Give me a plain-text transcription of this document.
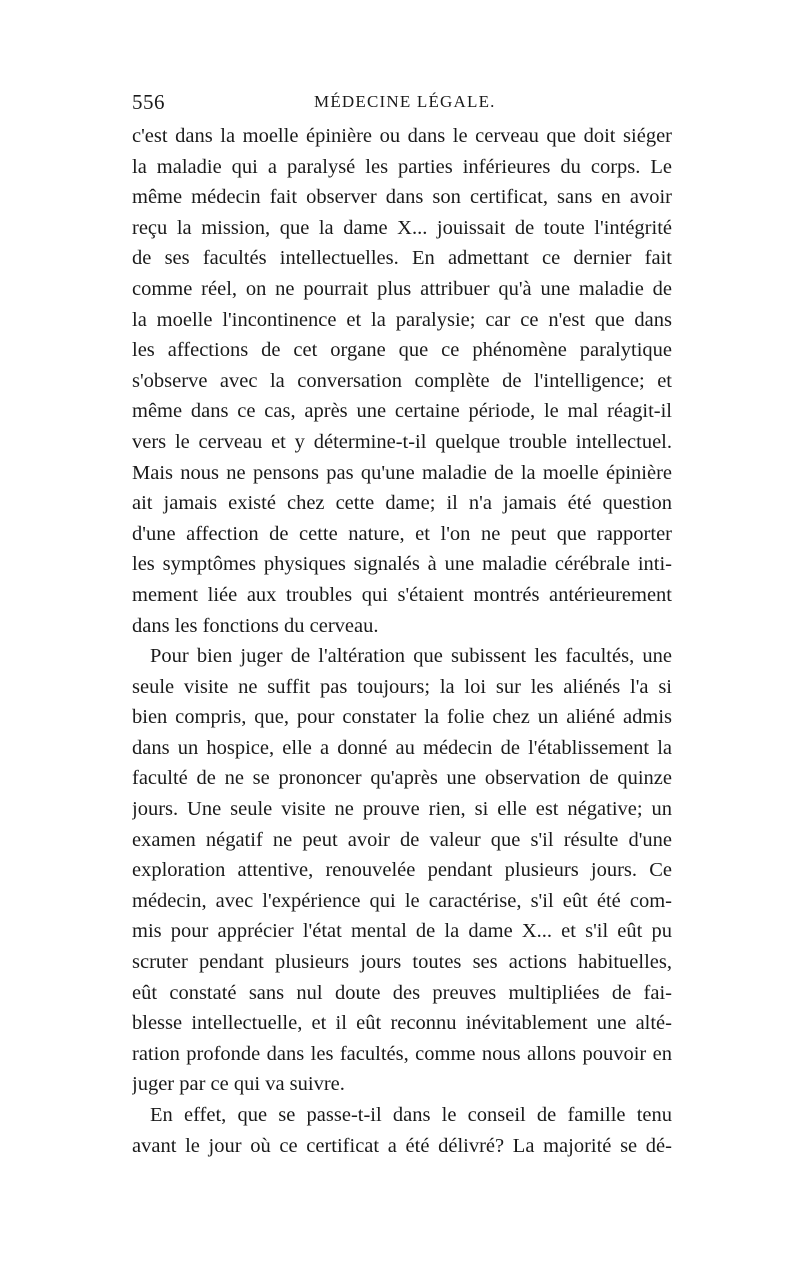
556	MÉDECINE LÉGALE.
c'est dans la moelle épinière ou dans le cerveau que doit siéger
la maladie qui a paralysé les parties inférieures du corps. Le
même médecin fait observer dans son certificat, sans en avoir
reçu la mission, que la dame X... jouissait de toute l'intégrité
de ses facultés intellectuelles. En admettant ce dernier fait
comme réel, on ne pourrait plus attribuer qu'à une maladie de
la moelle l'incontinence et la paralysie; car ce n'est que dans
les affections de cet organe que ce phénomène paralytique
s'observe avec la conversation complète de l'intelligence; et
même dans ce cas, après une certaine période, le mal réagit-il
vers le cerveau et y détermine-t-il quelque trouble intellectuel.
Mais nous ne pensons pas qu'une maladie de la moelle épinière
ait jamais existé chez cette dame; il n'a jamais été question
d'une affection de cette nature, et l'on ne peut que rapporter
les symptômes physiques signalés à une maladie cérébrale inti-
mement liée aux troubles qui s'étaient montrés antérieurement
dans les fonctions du cerveau.
Pour bien juger de l'altération que subissent les facultés, une
seule visite ne suffit pas toujours; la loi sur les aliénés l'a si
bien compris, que, pour constater la folie chez un aliéné admis
dans un hospice, elle a donné au médecin de l'établissement la
faculté de ne se prononcer qu'après une observation de quinze
jours. Une seule visite ne prouve rien, si elle est négative; un
examen négatif ne peut avoir de valeur que s'il résulte d'une
exploration attentive, renouvelée pendant plusieurs jours. Ce
médecin, avec l'expérience qui le caractérise, s'il eût été com-
mis pour apprécier l'état mental de la dame X... et s'il eût pu
scruter pendant plusieurs jours toutes ses actions habituelles,
eût constaté sans nul doute des preuves multipliées de fai-
blesse intellectuelle, et il eût reconnu inévitablement une alté-
ration profonde dans les facultés, comme nous allons pouvoir en
juger par ce qui va suivre.
En effet, que se passe-t-il dans le conseil de famille tenu
avant le jour où ce certificat a été délivré? La majorité se dé-
